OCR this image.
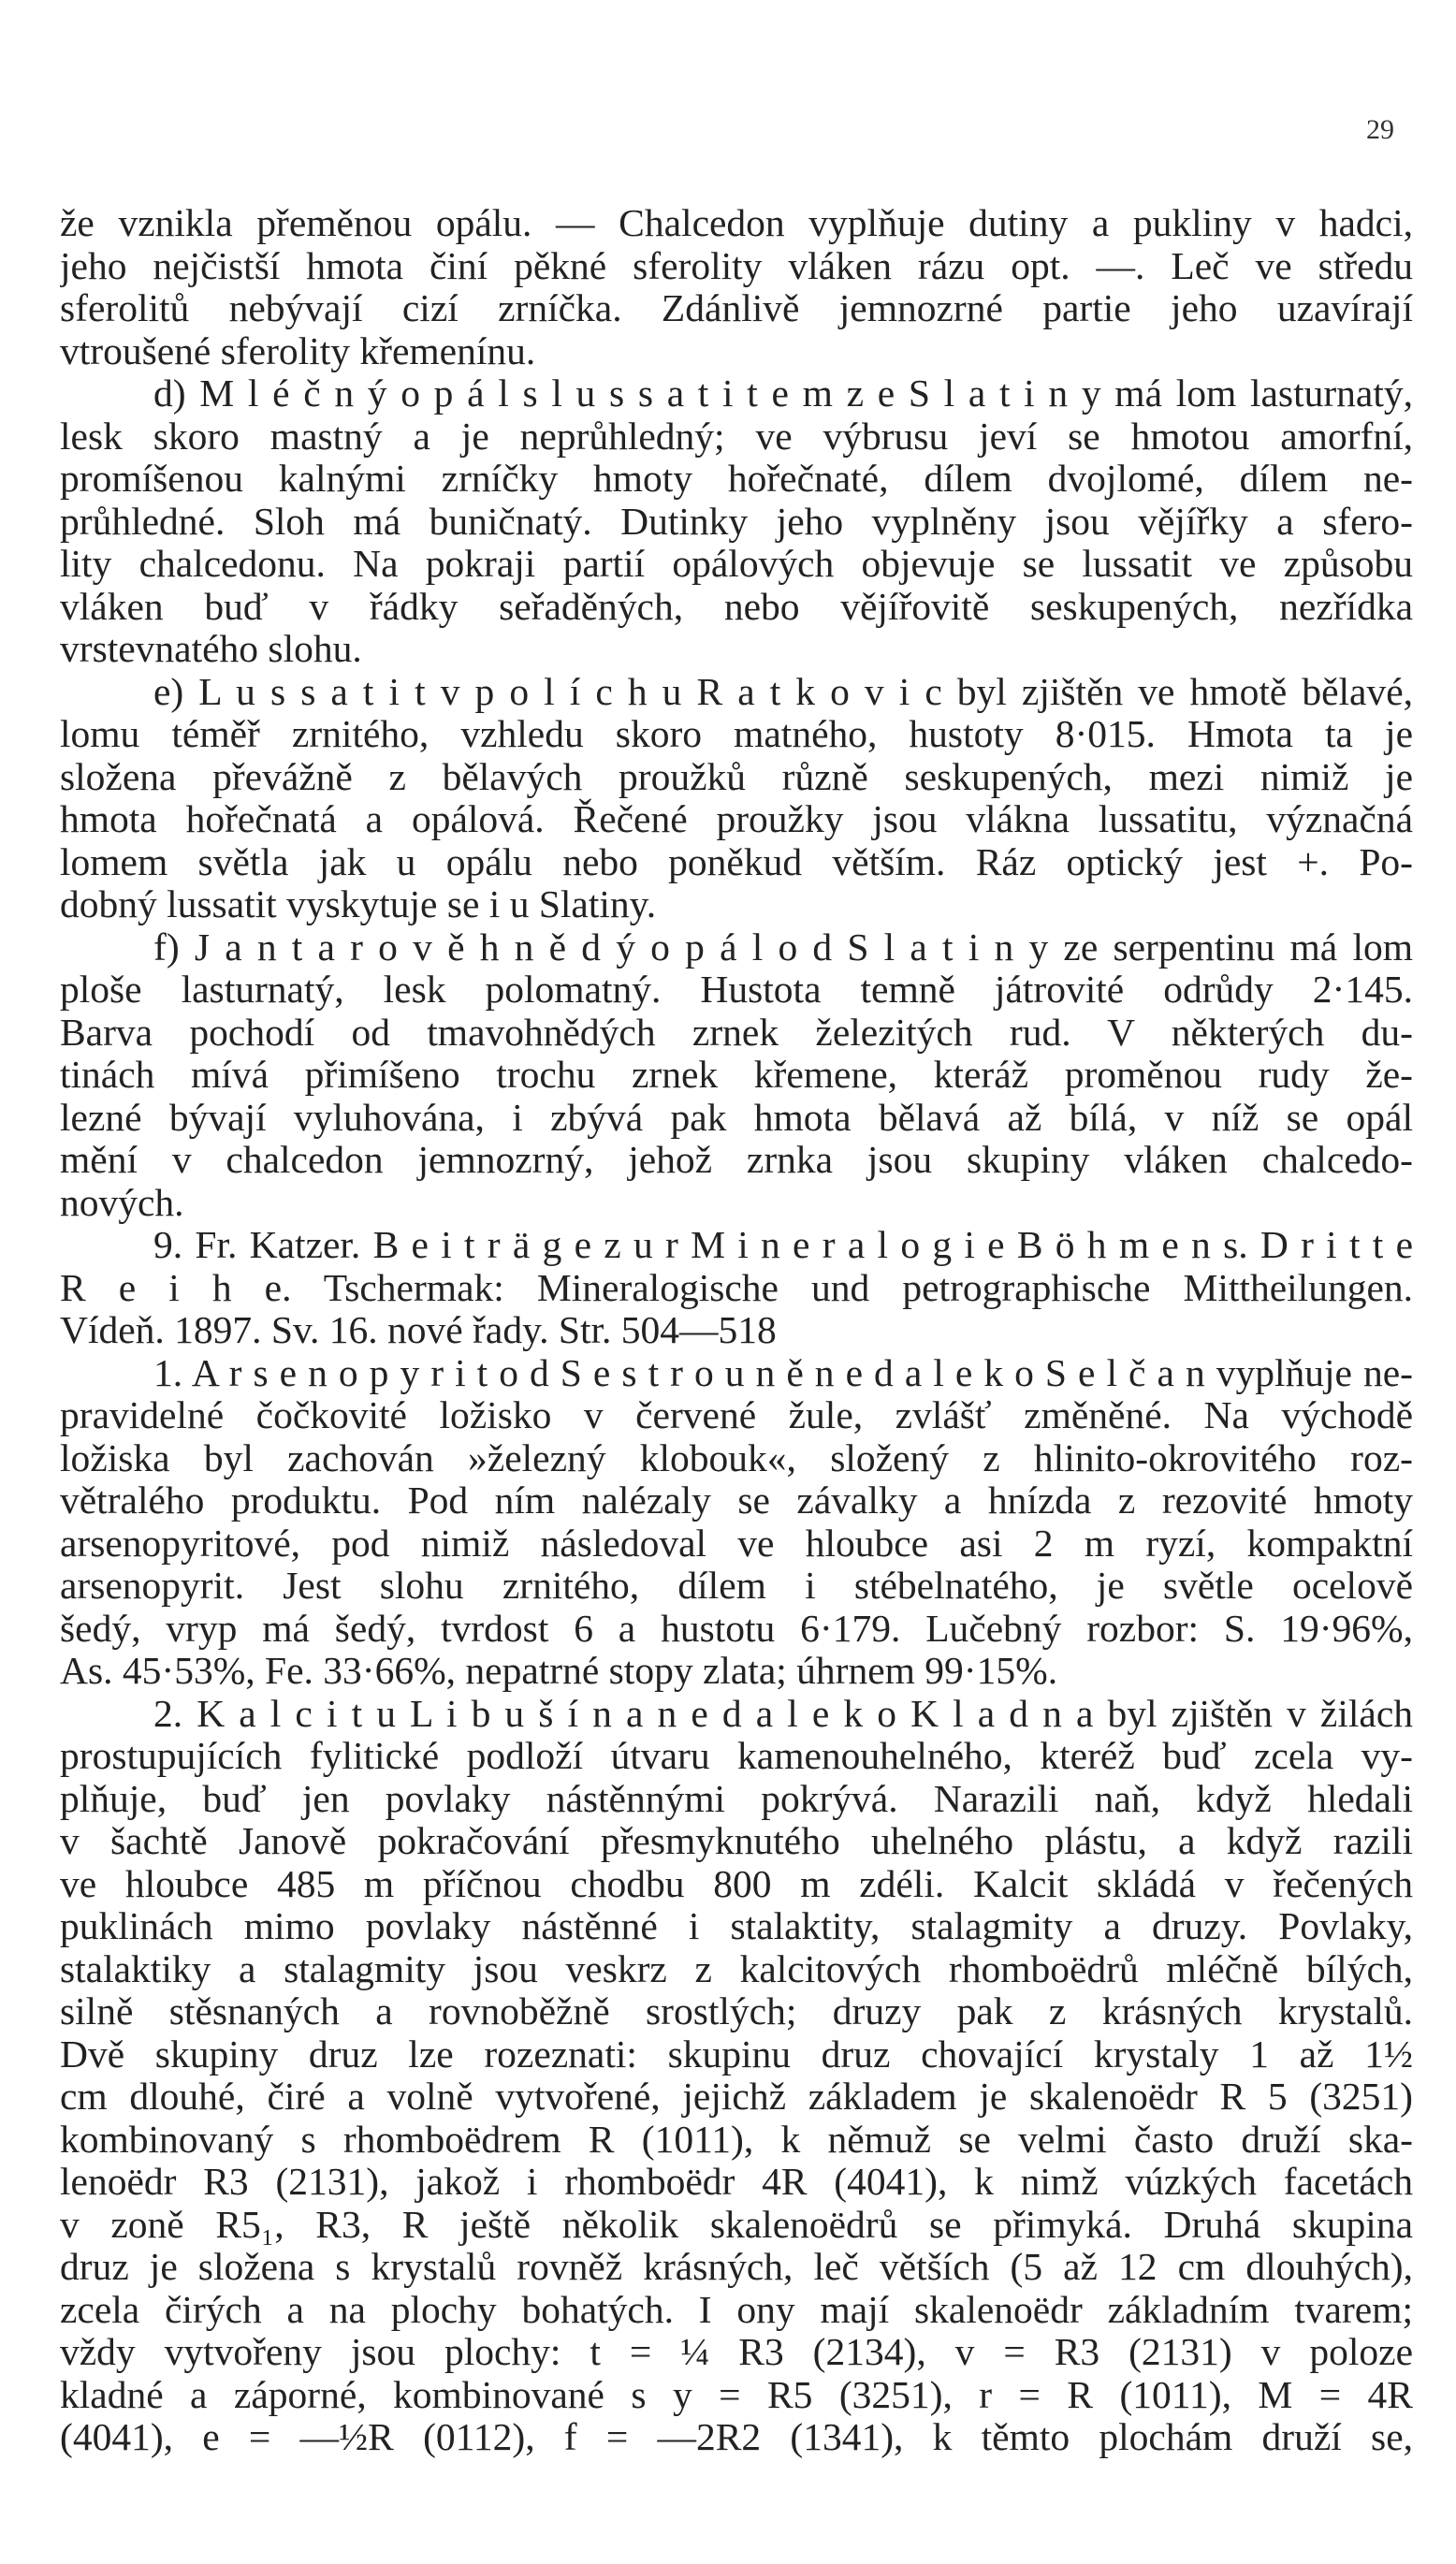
29
že vznikla přeměnou opálu. — Chalcedon vyplňuje dutiny a pukliny v hadci,
jeho nejčistší hmota činí pěkné sferolity vláken rázu opt. —. Leč ve středu
sferolitů nebývají cizí zrníčka. Zdánlivě jemnozrné partie jeho uzavírají
vtroušené sferolity křemenínu.
d) M l é č n ý o p á l s l u s s a t i t e m z e S l a t i n y má lom lasturnatý,
lesk skoro mastný a je neprůhledný; ve výbrusu jeví se hmotou amorfní,
promíšenou kalnými zrníčky hmoty hořečnaté, dílem dvojlomé, dílem ne-
průhledné. Sloh má buničnatý. Dutinky jeho vyplněny jsou vějířky a sfero-
lity chalcedonu. Na pokraji partií opálových objevuje se lussatit ve způsobu
vláken buď v řádky seřaděných, nebo vějířovitě seskupených, nezřídka
vrstevnatého slohu.
e) L u s s a t i t v p o l í c h u R a t k o v i c byl zjištěn ve hmotě bělavé,
lomu téměř zrnitého, vzhledu skoro matného, hustoty 8·015. Hmota ta je
složena převážně z bělavých proužků různě seskupených, mezi nimiž je
hmota hořečnatá a opálová. Řečené proužky jsou vlákna lussatitu, význačná
lomem světla jak u opálu nebo poněkud větším. Ráz optický jest +. Po-
dobný lussatit vyskytuje se i u Slatiny.
f) J a n t a r o v ě h n ě d ý o p á l o d S l a t i n y ze serpentinu má lom
ploše lasturnatý, lesk polomatný. Hustota temně játrovité odrůdy 2·145.
Barva pochodí od tmavohnědých zrnek železitých rud. V některých du-
tinách mívá přimíšeno trochu zrnek křemene, kteráž proměnou rudy že-
lezné bývají vyluhována, i zbývá pak hmota bělavá až bílá, v níž se opál
mění v chalcedon jemnozrný, jehož zrnka jsou skupiny vláken chalcedo-
nových.
9. Fr. Katzer. B e i t r ä g e z u r M i n e r a l o g i e B ö h m e n s. D r i t t e
R e i h e. Tschermak: Mineralogische und petrographische Mittheilungen.
Vídeň. 1897. Sv. 16. nové řady. Str. 504—518
1. A r s e n o p y r i t o d S e s t r o u n ě n e d a l e k o S e l č a n vyplňuje ne-
pravidelné čočkovité ložisko v červené žule, zvlášť změněné. Na východě
ložiska byl zachován »železný klobouk«, složený z hlinito-okrovitého roz-
větralého produktu. Pod ním nalézaly se závalky a hnízda z rezovité hmoty
arsenopyritové, pod nimiž následoval ve hloubce asi 2 m ryzí, kompaktní
arsenopyrit. Jest slohu zrnitého, dílem i stébelnatého, je světle ocelově
šedý, vryp má šedý, tvrdost 6 a hustotu 6·179. Lučebný rozbor: S. 19·96%,
As. 45·53%, Fe. 33·66%, nepatrné stopy zlata; úhrnem 99·15%.
2. K a l c i t u L i b u š í n a n e d a l e k o K l a d n a byl zjištěn v žilách
prostupujících fylitické podloží útvaru kamenouhelného, kteréž buď zcela vy-
plňuje, buď jen povlaky nástěnnými pokrývá. Narazili naň, když hledali
v šachtě Janově pokračování přesmyknutého uhelného plástu, a když razili
ve hloubce 485 m příčnou chodbu 800 m zdéli. Kalcit skládá v řečených
puklinách mimo povlaky nástěnné i stalaktity, stalagmity a druzy. Povlaky,
stalaktiky a stalagmity jsou veskrz z kalcitových rhomboëdrů mléčně bílých,
silně stěsnaných a rovnoběžně srostlých; druzy pak z krásných krystalů.
Dvě skupiny druz lze rozeznati: skupinu druz chovající krystaly 1 až 1½
cm dlouhé, čiré a volně vytvořené, jejichž základem je skalenoëdr R 5 (3251)
kombinovaný s rhomboëdrem R (1011), k němuž se velmi často druží ska-
lenoëdr R3 (2131), jakož i rhomboëdr 4R (4041), k nimž vúzkých facetách
v zoně R5₁, R3, R ještě několik skalenoëdrů se přimyká. Druhá skupina
druz je složena s krystalů rovněž krásných, leč větších (5 až 12 cm dlouhých),
zcela čirých a na plochy bohatých. I ony mají skalenoëdr základním tvarem;
vždy vytvořeny jsou plochy: t = ¼ R3 (2134), v = R3 (2131) v poloze
kladné a záporné, kombinované s y = R5 (3251), r = R (1011), M = 4R
(4041), e = —½R (0112), f = —2R2 (1341), k těmto plochám druží se,
